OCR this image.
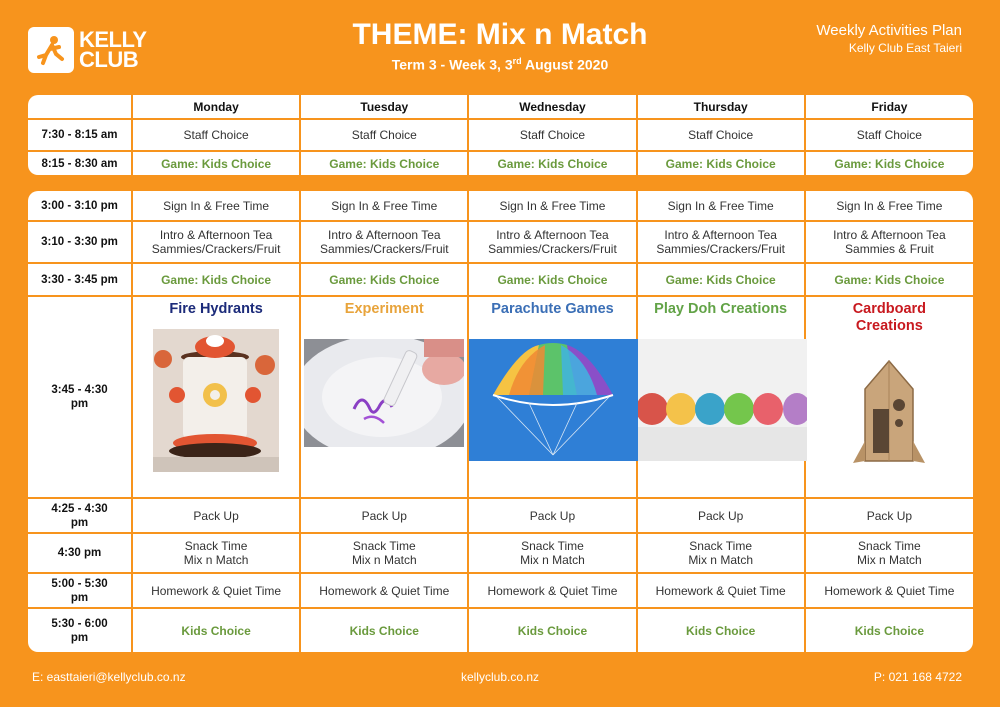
KELLY
CLUB
THEME: Mix n Match
Term 3 - Week 3, 3rd August 2020
Weekly Activities Plan
Kelly Club East Taieri
	Monday	Tuesday	Wednesday	Thursday	Friday
7:30 - 8:15 am	Staff Choice	Staff Choice	Staff Choice	Staff Choice	Staff Choice
8:15 - 8:30 am	Game: Kids Choice	Game: Kids Choice	Game: Kids Choice	Game: Kids Choice	Game: Kids Choice
3:00 - 3:10 pm	Sign In & Free Time	Sign In & Free Time	Sign In & Free Time	Sign In & Free Time	Sign In & Free Time
3:10 - 3:30 pm	Intro & Afternoon Tea
Sammies/Crackers/Fruit	Intro & Afternoon Tea
Sammies/Crackers/Fruit	Intro & Afternoon Tea
Sammies/Crackers/Fruit	Intro & Afternoon Tea
Sammies/Crackers/Fruit	Intro & Afternoon Tea
Sammies & Fruit

3:30 - 3:45 pm	Game: Kids Choice	Game: Kids Choice	Game: Kids Choice	Game: Kids Choice	Game: Kids Choice

3:45 - 4:30
pm	Fire Hydrants	Experiment	Parachute Games	Play Doh Creations	Cardboard
Creations

4:25 - 4:30
pm	Pack Up	Pack Up	Pack Up	Pack Up	Pack Up
4:30 pm	Snack Time
Mix n Match	Snack Time
Mix n Match	Snack Time
Mix n Match	Snack Time
Mix n Match	Snack Time
Mix n Match

5:00 - 5:30
pm	Homework & Quiet Time	Homework & Quiet Time	Homework & Quiet Time	Homework & Quiet Time	Homework & Quiet Time

5:30 - 6:00
pm	Kids Choice	Kids Choice	Kids Choice	Kids Choice	Kids Choice
E: easttaieri@kellyclub.co.nz	kellyclub.co.nz	P: 021 168 4722
